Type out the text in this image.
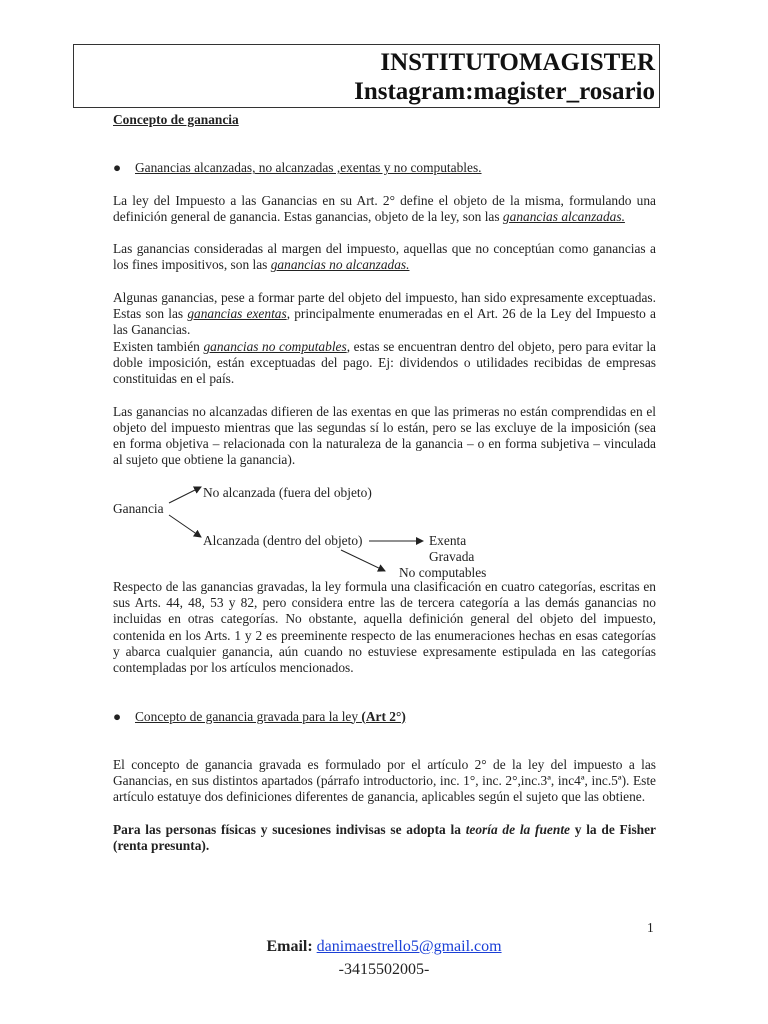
INSTITUTOMAGISTER
Instagram:magister_rosario
Concepto de ganancia

● Ganancias alcanzadas, no alcanzadas ,exentas y no computables.

La ley del Impuesto a las Ganancias en su Art. 2° define el objeto de la misma, formulando una definición general de ganancia. Estas ganancias, objeto de la ley, son las ganancias alcanzadas.

Las ganancias consideradas al margen del impuesto, aquellas que no conceptúan como ganancias a los fines impositivos, son las ganancias no alcanzadas.

Algunas ganancias, pese a formar parte del objeto del impuesto, han sido expresamente exceptuadas. Estas son las ganancias exentas, principalmente enumeradas en el Art. 26 de la Ley del Impuesto a las Ganancias.

Existen también ganancias no computables, estas se encuentran dentro del objeto, pero para evitar la doble imposición, están exceptuadas del pago. Ej: dividendos o utilidades recibidas de empresas constituidas en el país.

Las ganancias no alcanzadas difieren de las exentas en que las primeras no están comprendidas en el objeto del impuesto mientras que las segundas sí lo están, pero se las excluye de la imposición (sea en forma objetiva – relacionada con la naturaleza de la ganancia – o en forma subjetiva – vinculada al sujeto que obtiene la ganancia).

Ganancia
No alcanzada (fuera del objeto)
Alcanzada (dentro del objeto)	Exenta
Gravada
No computables

Respecto de las ganancias gravadas, la ley formula una clasificación en cuatro categorías, escritas en sus Arts. 44, 48, 53 y 82, pero considera entre las de tercera categoría a las demás ganancias no incluidas en otras categorías. No obstante, aquella definición general del objeto del impuesto, contenida en los Arts. 1 y 2 es preeminente respecto de las enumeraciones hechas en esas categorías y abarca cualquier ganancia, aún cuando no estuviese expresamente estipulada en las categorías contempladas por los artículos mencionados.

● Concepto de ganancia gravada para la ley (Art 2°)

El concepto de ganancia gravada es formulado por el artículo 2° de la ley del impuesto a las Ganancias, en sus distintos apartados (párrafo introductorio, inc. 1°, inc. 2°,inc.3ª, inc4ª, inc.5ª). Este artículo estatuye dos definiciones diferentes de ganancia, aplicables según el sujeto que las obtiene.

Para las personas físicas y sucesiones indivisas se adopta la teoría de la fuente y la de Fisher (renta presunta).

1
Email: danimaestrello5@gmail.com
-3415502005-
